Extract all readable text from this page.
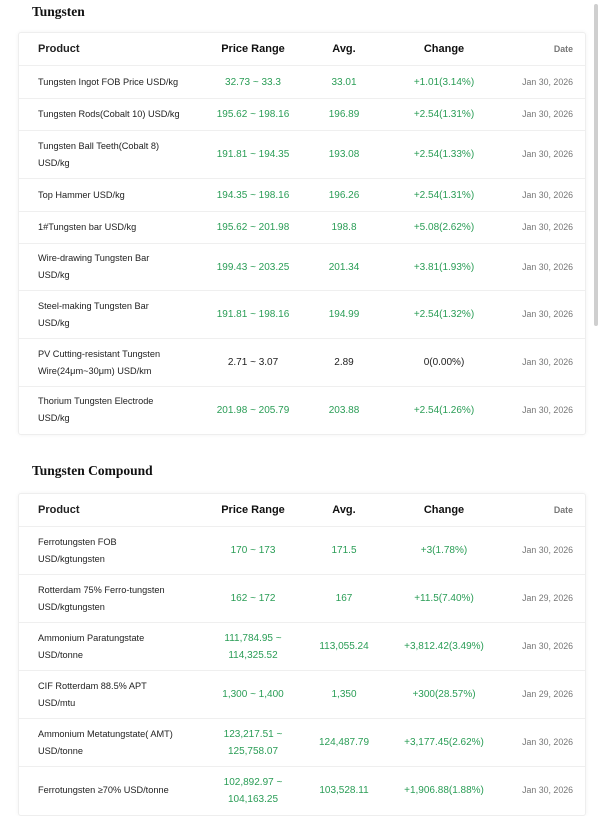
Tungsten
Product	Price Range	Avg.	Change	Date

Tungsten Ingot FOB Price USD/kg	32.73 ~ 33.3	33.01	+1.01(3.14%)	Jan 30, 2026

Tungsten Rods(Cobalt 10) USD/kg	195.62 ~ 198.16	196.89	+2.54(1.31%)	Jan 30, 2026

Tungsten Ball Teeth(Cobalt 8) USD/kg	191.81 ~ 194.35	193.08	+2.54(1.33%)	Jan 30, 2026

Top Hammer USD/kg	194.35 ~ 198.16	196.26	+2.54(1.31%)	Jan 30, 2026

1#Tungsten bar USD/kg	195.62 ~ 201.98	198.8	+5.08(2.62%)	Jan 30, 2026

Wire-drawing Tungsten Bar USD/kg	199.43 ~ 203.25	201.34	+3.81(1.93%)	Jan 30, 2026

Steel-making Tungsten Bar USD/kg	191.81 ~ 198.16	194.99	+2.54(1.32%)	Jan 30, 2026

PV Cutting-resistant Tungsten Wire(24μm~30μm) USD/km	2.71 ~ 3.07	2.89	0(0.00%)	Jan 30, 2026

Thorium Tungsten Electrode USD/kg	201.98 ~ 205.79	203.88	+2.54(1.26%)	Jan 30, 2026
Tungsten Compound
Product	Price Range	Avg.	Change	Date

Ferrotungsten FOB USD/kgtungsten	170 ~ 173	171.5	+3(1.78%)	Jan 30, 2026

Rotterdam 75% Ferro-tungsten USD/kgtungsten	162 ~ 172	167	+11.5(7.40%)	Jan 29, 2026

Ammonium Paratungstate USD/tonne	111,784.95 ~ 114,325.52	113,055.24	+3,812.42(3.49%)	Jan 30, 2026

CIF Rotterdam 88.5% APT USD/mtu	1,300 ~ 1,400	1,350	+300(28.57%)	Jan 29, 2026

Ammonium Metatungstate( AMT) USD/tonne	123,217.51 ~ 125,758.07	124,487.79	+3,177.45(2.62%)	Jan 30, 2026

Ferrotungsten ≥70% USD/tonne	102,892.97 ~ 104,163.25	103,528.11	+1,906.88(1.88%)	Jan 30, 2026
